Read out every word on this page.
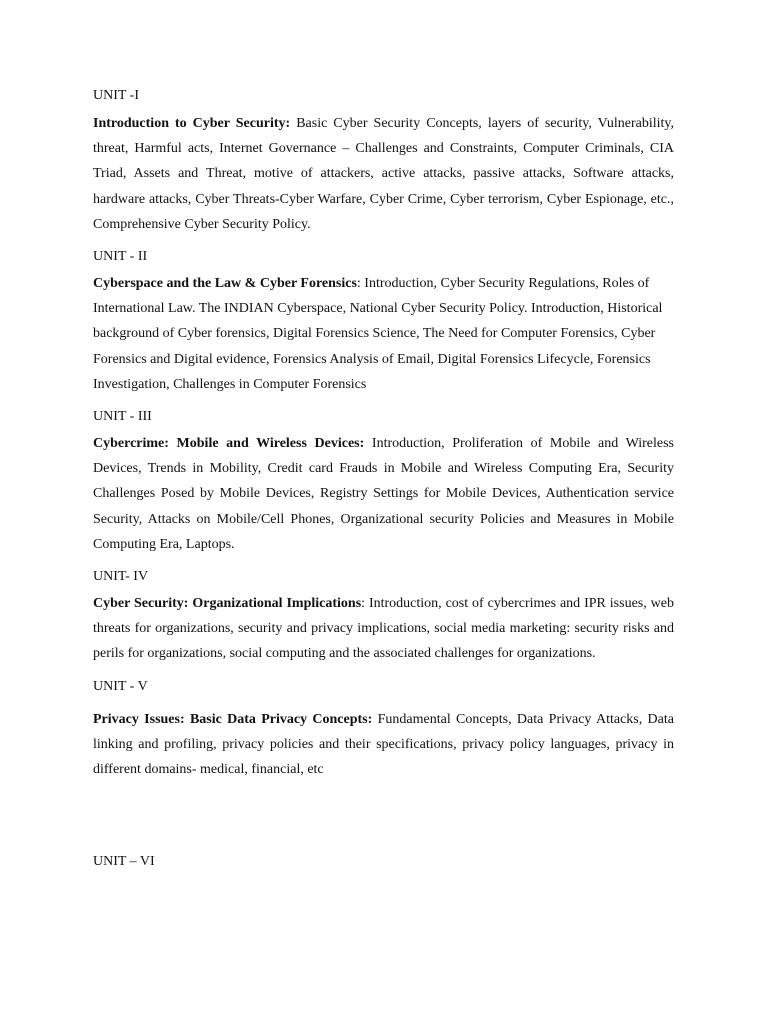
UNIT -I

Introduction to Cyber Security: Basic Cyber Security Concepts, layers of security, Vulnerability, threat, Harmful acts, Internet Governance – Challenges and Constraints, Computer Criminals, CIA Triad, Assets and Threat, motive of attackers, active attacks, passive attacks, Software attacks, hardware attacks, Cyber Threats-Cyber Warfare, Cyber Crime, Cyber terrorism, Cyber Espionage, etc., Comprehensive Cyber Security Policy.

UNIT - II

Cyberspace and the Law & Cyber Forensics: Introduction, Cyber Security Regulations, Roles of International Law. The INDIAN Cyberspace, National Cyber Security Policy. Introduction, Historical background of Cyber forensics, Digital Forensics Science, The Need for Computer Forensics, Cyber Forensics and Digital evidence, Forensics Analysis of Email, Digital Forensics Lifecycle, Forensics Investigation, Challenges in Computer Forensics

UNIT - III

Cybercrime: Mobile and Wireless Devices: Introduction, Proliferation of Mobile and Wireless Devices, Trends in Mobility, Credit card Frauds in Mobile and Wireless Computing Era, Security Challenges Posed by Mobile Devices, Registry Settings for Mobile Devices, Authentication service Security, Attacks on Mobile/Cell Phones, Organizational security Policies and Measures in Mobile Computing Era, Laptops.

UNIT- IV

Cyber Security: Organizational Implications: Introduction, cost of cybercrimes and IPR issues, web threats for organizations, security and privacy implications, social media marketing: security risks and perils for organizations, social computing and the associated challenges for organizations.

UNIT - V

Privacy Issues: Basic Data Privacy Concepts: Fundamental Concepts, Data Privacy Attacks, Data linking and profiling, privacy policies and their specifications, privacy policy languages, privacy in different domains- medical, financial, etc

UNIT – VI
